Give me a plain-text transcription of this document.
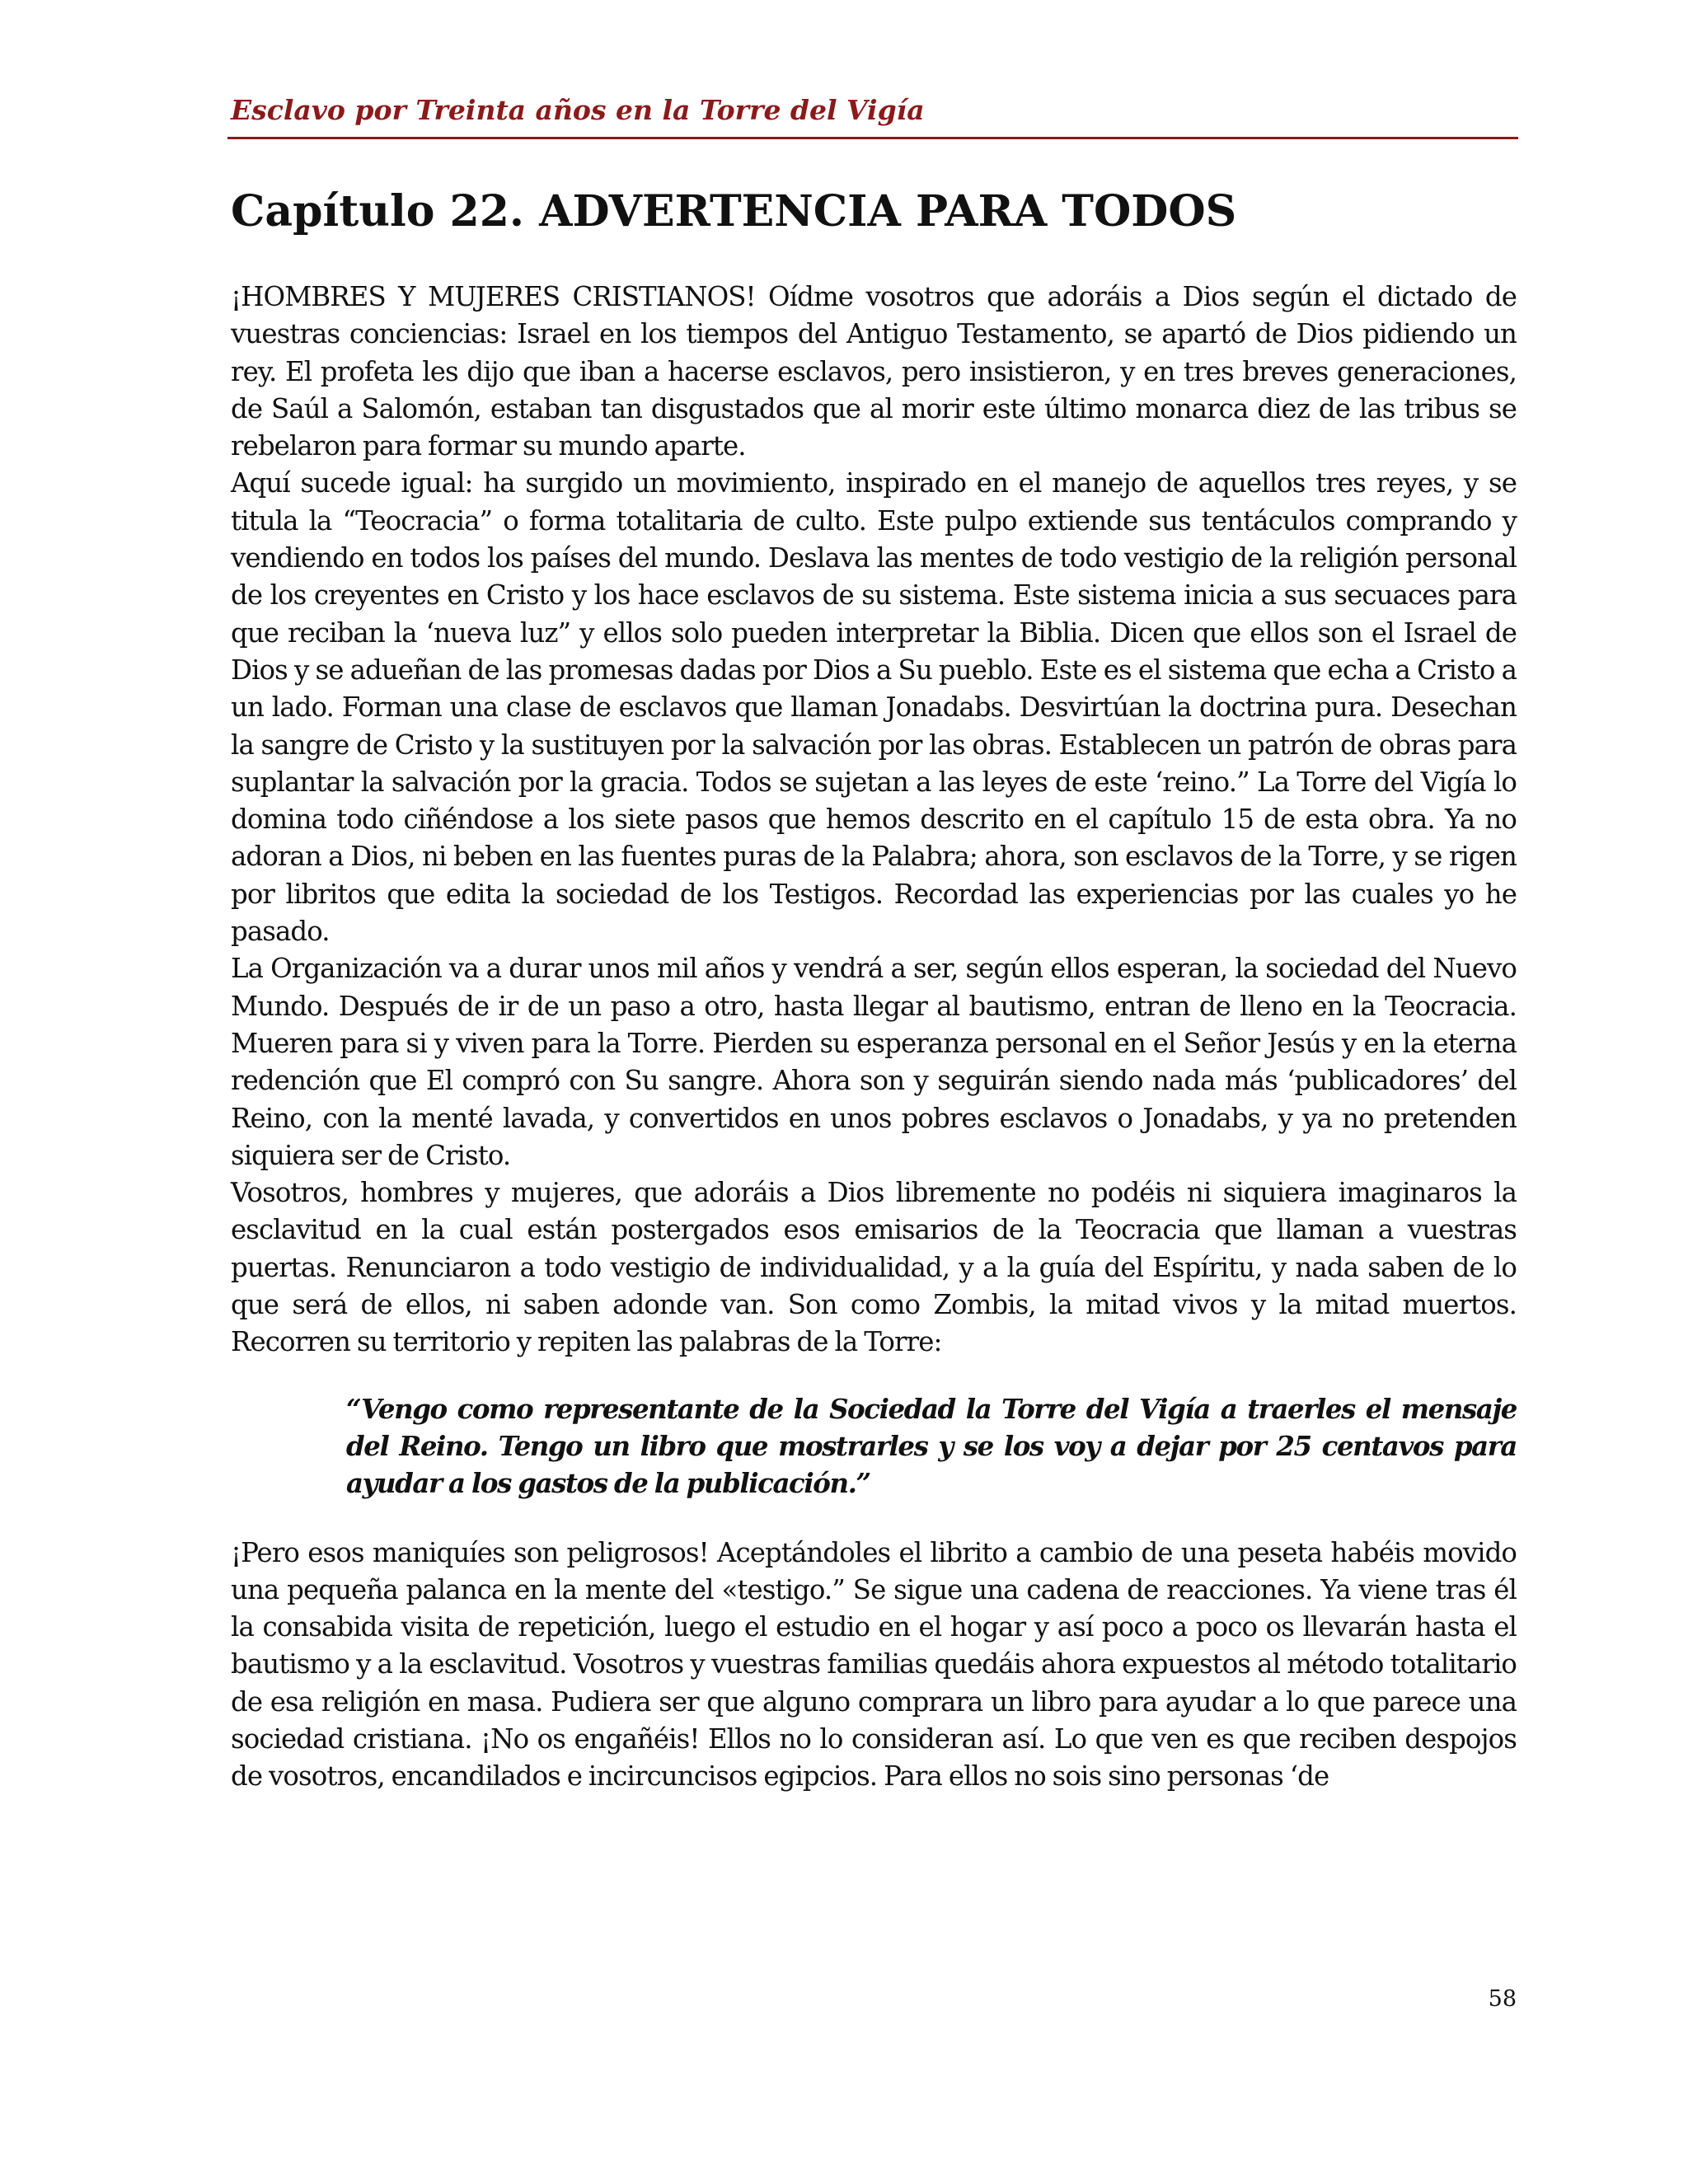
Esclavo por Treinta años en la Torre del Vigía
Capítulo 22. ADVERTENCIA PARA TODOS

¡HOMBRES Y MUJERES CRISTIANOS! Oídme vosotros que adoráis a Dios según el dictado de vuestras conciencias: Israel en los tiempos del Antiguo Testamento, se apartó de Dios pidiendo un rey. El profeta les dijo que iban a hacerse esclavos, pero insistieron, y en tres breves generaciones, de Saúl a Salomón, estaban tan disgustados que al morir este último monarca diez de las tribus se rebelaron para formar su mundo aparte.

Aquí sucede igual: ha surgido un movimiento, inspirado en el manejo de aquellos tres reyes, y se titula la “Teocracia” o forma totalitaria de culto. Este pulpo extiende sus tentáculos comprando y vendiendo en todos los países del mundo. Deslava las mentes de todo vestigio de la religión personal de los creyentes en Cristo y los hace esclavos de su sistema. Este sistema inicia a sus secuaces para que reciban la ‘nueva luz” y ellos solo pueden interpretar la Biblia. Dicen que ellos son el Israel de Dios y se adueñan de las promesas dadas por Dios a Su pueblo. Este es el sistema que echa a Cristo a un lado. Forman una clase de esclavos que llaman Jonadabs. Desvirtúan la doctrina pura. Desechan la sangre de Cristo y la sustituyen por la salvación por las obras. Establecen un patrón de obras para suplantar la salvación por la gracia. Todos se sujetan a las leyes de este ‘reino.” La Torre del Vigía lo domina todo ciñéndose a los siete pasos que hemos descrito en el capítulo 15 de esta obra. Ya no adoran a Dios, ni beben en las fuentes puras de la Palabra; ahora, son esclavos de la Torre, y se rigen por libritos que edita la sociedad de los Testigos. Recordad las experiencias por las cuales yo he pasado.

La Organización va a durar unos mil años y vendrá a ser, según ellos esperan, la sociedad del Nuevo Mundo. Después de ir de un paso a otro, hasta llegar al bautismo, entran de lleno en la Teocracia. Mueren para si y viven para la Torre. Pierden su esperanza personal en el Señor Jesús y en la eterna redención que El compró con Su sangre. Ahora son y seguirán siendo nada más ‘publicadores’ del Reino, con la menté lavada, y convertidos en unos pobres esclavos o Jonadabs, y ya no pretenden siquiera ser de Cristo.

Vosotros, hombres y mujeres, que adoráis a Dios libremente no podéis ni siquiera imaginaros la esclavitud en la cual están postergados esos emisarios de la Teocracia que llaman a vuestras puertas. Renunciaron a todo vestigio de individualidad, y a la guía del Espíritu, y nada saben de lo que será de ellos, ni saben adonde van. Son como Zombis, la mitad vivos y la mitad muertos. Recorren su territorio y repiten las palabras de la Torre:

“Vengo como representante de la Sociedad la Torre del Vigía a traerles el mensaje del Reino. Tengo un libro que mostrarles y se los voy a dejar por 25 centavos para ayudar a los gastos de la publicación.”

¡Pero esos maniquíes son peligrosos! Aceptándoles el librito a cambio de una peseta habéis movido una pequeña palanca en la mente del «testigo.” Se sigue una cadena de reacciones. Ya viene tras él la consabida visita de repetición, luego el estudio en el hogar y así poco a poco os llevarán hasta el bautismo y a la esclavitud. Vosotros y vuestras familias quedáis ahora expuestos al método totalitario de esa religión en masa. Pudiera ser que alguno comprara un libro para ayudar a lo que parece una sociedad cristiana. ¡No os engañéis! Ellos no lo consideran así. Lo que ven es que reciben despojos de vosotros, encandilados e incircuncisos egipcios. Para ellos no sois sino personas ‘de

58
